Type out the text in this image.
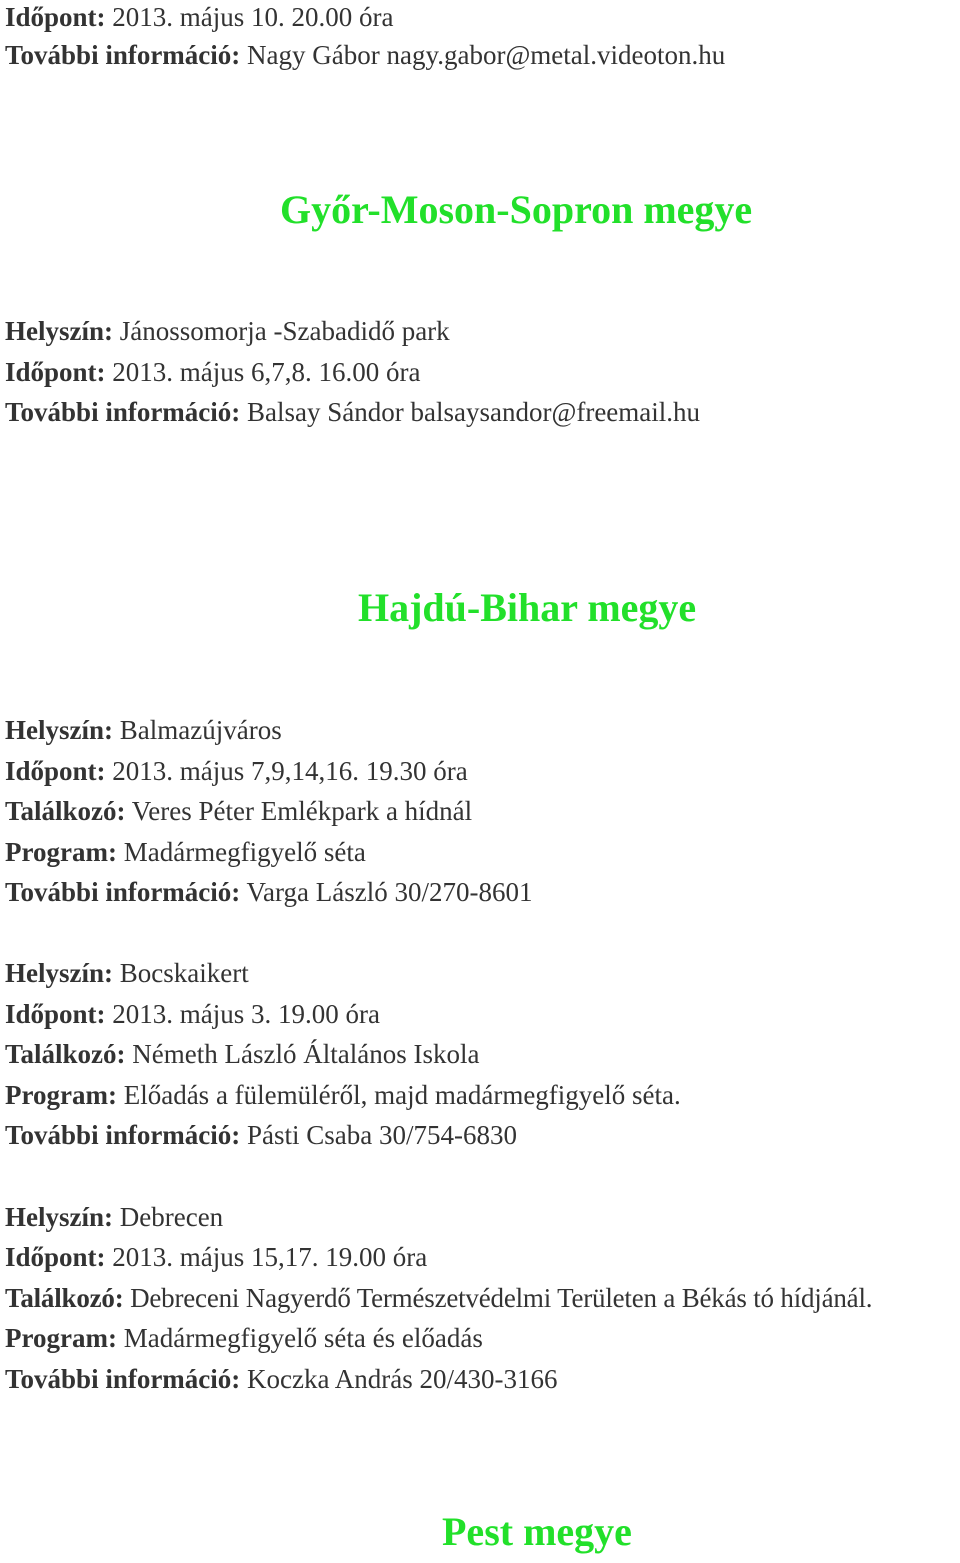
Időpont: 2013. május 10. 20.00 óra
További információ: Nagy Gábor nagy.gabor@metal.videoton.hu
Győr-Moson-Sopron megye
Helyszín: Jánossomorja -Szabadidő park
Időpont: 2013. május 6,7,8. 16.00 óra
További információ: Balsay Sándor balsaysandor@freemail.hu
Hajdú-Bihar megye
Helyszín: Balmazújváros
Időpont: 2013. május 7,9,14,16. 19.30 óra
Találkozó: Veres Péter Emlékpark a hídnál
Program: Madármegfigyelő séta
További információ: Varga László 30/270-8601
Helyszín: Bocskaikert
Időpont: 2013. május 3. 19.00 óra
Találkozó: Németh László Általános Iskola
Program: Előadás a fülemüléről, majd madármegfigyelő séta.
További információ: Pásti Csaba 30/754-6830
Helyszín: Debrecen
Időpont: 2013. május 15,17. 19.00 óra
Találkozó: Debreceni Nagyerdő Természetvédelmi Területen a Békás tó hídjánál.
Program: Madármegfigyelő séta és előadás
További információ: Koczka András 20/430-3166
Pest megye
